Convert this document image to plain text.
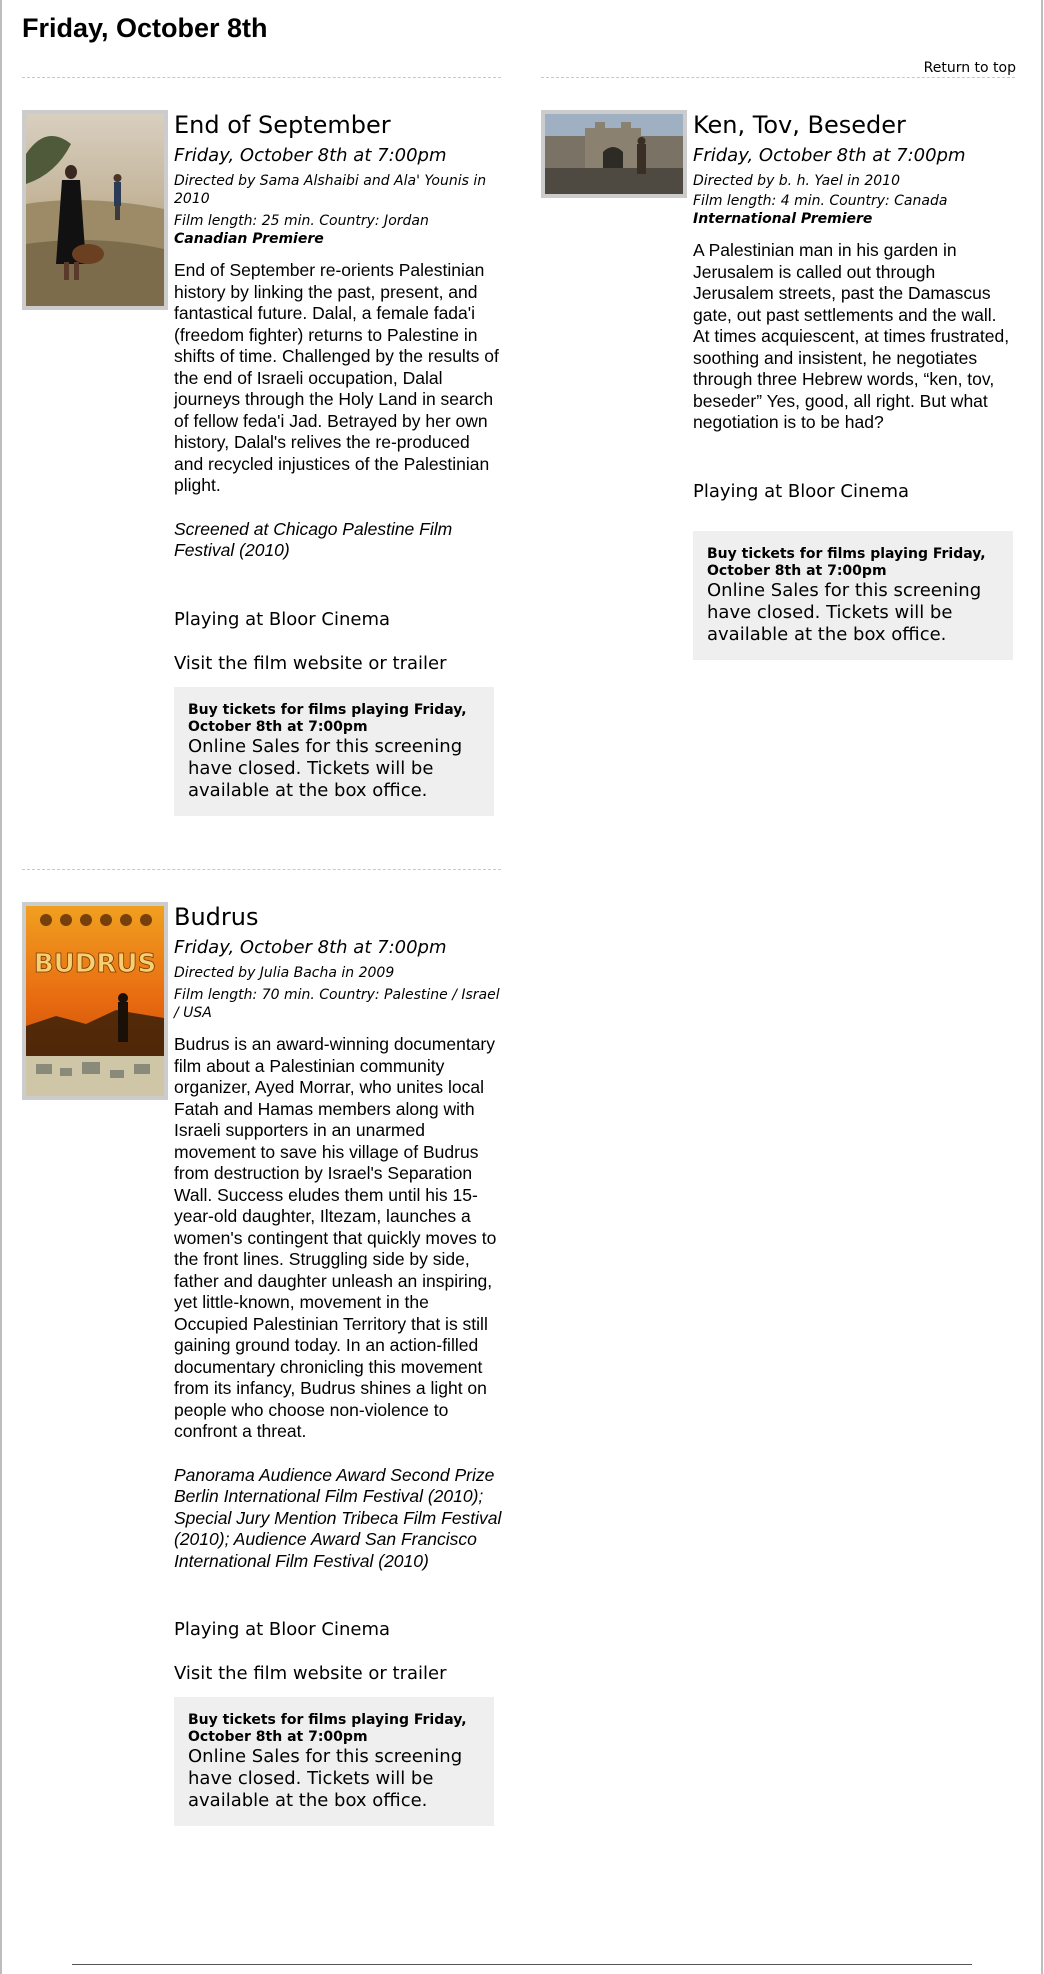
Friday, October 8th
Return to top
End of September
Friday, October 8th at 7:00pm
Directed by Sama Alshaibi and Ala' Younis in 2010
Film length: 25 min. Country: Jordan
Canadian Premiere

End of September re-orients Palestinian history by linking the past, present, and fantastical future. Dalal, a female fada'i (freedom fighter) returns to Palestine in shifts of time. Challenged by the results of the end of Israeli occupation, Dalal journeys through the Holy Land in search of fellow feda'i Jad. Betrayed by her own history, Dalal's relives the re-produced and recycled injustices of the Palestinian plight.

Screened at Chicago Palestine Film Festival (2010)

Playing at Bloor Cinema
Visit the film website or trailer
Buy tickets for films playing Friday, October 8th at 7:00pm
Online Sales for this screening have closed. Tickets will be available at the box office.
Ken, Tov, Beseder
Friday, October 8th at 7:00pm
Directed by b. h. Yael in 2010
Film length: 4 min. Country: Canada
International Premiere

A Palestinian man in his garden in Jerusalem is called out through Jerusalem streets, past the Damascus gate, out past settlements and the wall. At times acquiescent, at times frustrated, soothing and insistent, he negotiates through three Hebrew words, “ken, tov, beseder” Yes, good, all right. But what negotiation is to be had?

Playing at Bloor Cinema
Buy tickets for films playing Friday, October 8th at 7:00pm
Online Sales for this screening have closed. Tickets will be available at the box office.
BUDRUS
Budrus
Friday, October 8th at 7:00pm
Directed by Julia Bacha in 2009
Film length: 70 min. Country: Palestine / Israel / USA

Budrus is an award-winning documentary film about a Palestinian community organizer, Ayed Morrar, who unites local Fatah and Hamas members along with Israeli supporters in an unarmed movement to save his village of Budrus from destruction by Israel's Separation Wall. Success eludes them until his 15-year-old daughter, Iltezam, launches a women's contingent that quickly moves to the front lines. Struggling side by side, father and daughter unleash an inspiring, yet little-known, movement in the Occupied Palestinian Territory that is still gaining ground today. In an action-filled documentary chronicling this movement from its infancy, Budrus shines a light on people who choose non-violence to confront a threat.

Panorama Audience Award Second Prize Berlin International Film Festival (2010); Special Jury Mention Tribeca Film Festival (2010); Audience Award San Francisco International Film Festival (2010)

Playing at Bloor Cinema
Visit the film website or trailer
Buy tickets for films playing Friday, October 8th at 7:00pm
Online Sales for this screening have closed. Tickets will be available at the box office.
